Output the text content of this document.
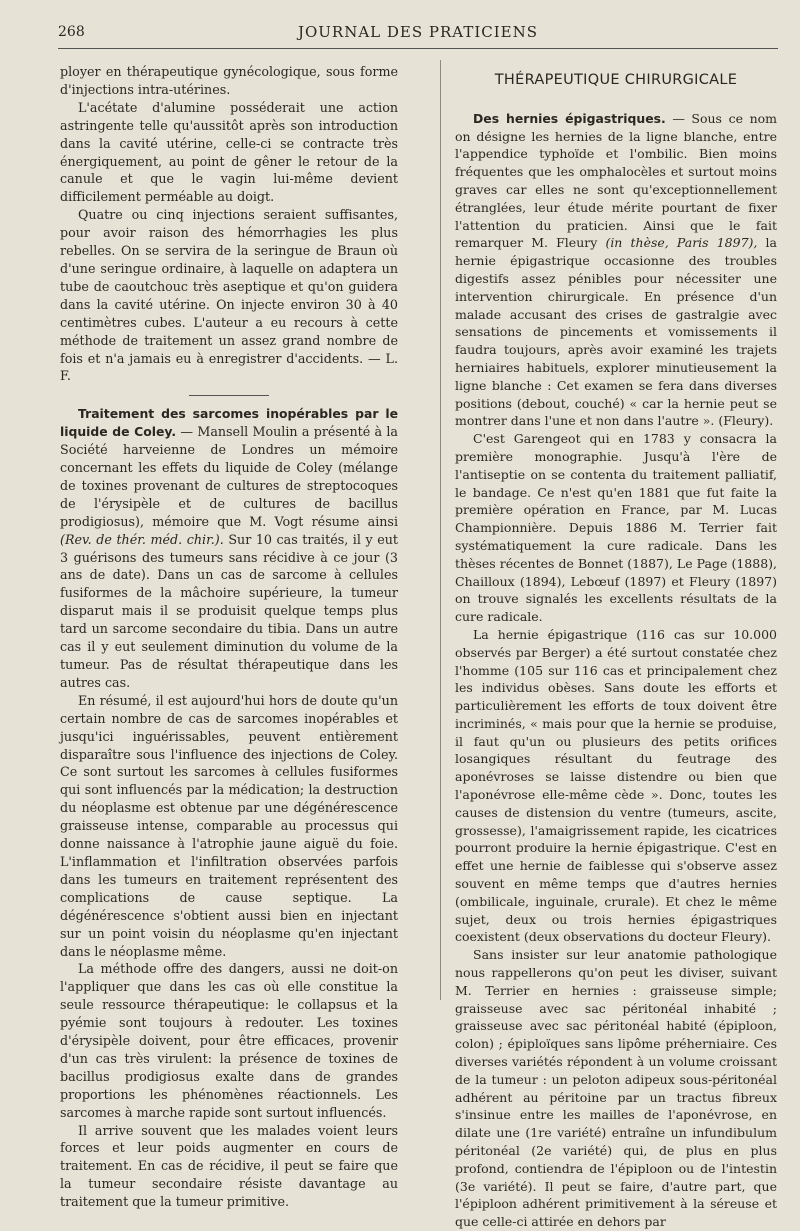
268	JOURNAL DES PRATICIENS

ployer en thérapeutique gynécologique, sous forme d'injections intra-utérines.

L'acétate d'alumine posséderait une action astringente telle qu'aussitôt après son introduction dans la cavité utérine, celle-ci se contracte très énergiquement, au point de gêner le retour de la canule et que le vagin lui-même devient difficilement perméable au doigt.

Quatre ou cinq injections seraient suffisantes, pour avoir raison des hémorrhagies les plus rebelles. On se servira de la seringue de Braun où d'une seringue ordinaire, à laquelle on adaptera un tube de caoutchouc très aseptique et qu'on guidera dans la cavité utérine. On injecte environ 30 à 40 centimètres cubes. L'auteur a eu recours à cette méthode de traitement un assez grand nombre de fois et n'a jamais eu à enregistrer d'accidents. — L. F.

Traitement des sarcomes inopérables par le liquide de Coley. — Mansell Moulin a présenté à la Société harveienne de Londres un mémoire concernant les effets du liquide de Coley (mélange de toxines provenant de cultures de streptocoques de l'érysipèle et de cultures de bacillus prodigiosus), mémoire que M. Vogt résume ainsi (Rev. de thér. méd. chir.). Sur 10 cas traités, il y eut 3 guérisons des tumeurs sans récidive à ce jour (3 ans de date). Dans un cas de sarcome à cellules fusiformes de la mâchoire supérieure, la tumeur disparut mais il se produisit quelque temps plus tard un sarcome secondaire du tibia. Dans un autre cas il y eut seulement diminution du volume de la tumeur. Pas de résultat thérapeutique dans les autres cas.

En résumé, il est aujourd'hui hors de doute qu'un certain nombre de cas de sarcomes inopérables et jusqu'ici inguérissables, peuvent entièrement disparaître sous l'influence des injections de Coley. Ce sont surtout les sarcomes à cellules fusiformes qui sont influencés par la médication; la destruction du néoplasme est obtenue par une dégénérescence graisseuse intense, comparable au processus qui donne naissance à l'atrophie jaune aiguë du foie. L'inflammation et l'infiltration observées parfois dans les tumeurs en traitement représentent des complications de cause septique. La dégénérescence s'obtient aussi bien en injectant sur un point voisin du néoplasme qu'en injectant dans le néoplasme même.

La méthode offre des dangers, aussi ne doit-on l'appliquer que dans les cas où elle constitue la seule ressource thérapeutique: le collapsus et la pyémie sont toujours à redouter. Les toxines d'érysipèle doivent, pour être efficaces, provenir d'un cas très virulent: la présence de toxines de bacillus prodigiosus exalte dans de grandes proportions les phénomènes réactionnels. Les sarcomes à marche rapide sont surtout influencés.

Il arrive souvent que les malades voient leurs forces et leur poids augmenter en cours de traitement. En cas de récidive, il peut se faire que la tumeur secondaire résiste davantage au traitement que la tumeur primitive.

THÉRAPEUTIQUE CHIRURGICALE

Des hernies épigastriques. — Sous ce nom on désigne les hernies de la ligne blanche, entre l'appendice typhoïde et l'ombilic. Bien moins fréquentes que les omphalocèles et surtout moins graves car elles ne sont qu'exceptionnellement étranglées, leur étude mérite pourtant de fixer l'attention du praticien. Ainsi que le fait remarquer M. Fleury (in thèse, Paris 1897), la hernie épigastrique occasionne des troubles digestifs assez pénibles pour nécessiter une intervention chirurgicale. En présence d'un malade accusant des crises de gastralgie avec sensations de pincements et vomissements il faudra toujours, après avoir examiné les trajets herniaires habituels, explorer minutieusement la ligne blanche : Cet examen se fera dans diverses positions (debout, couché) « car la hernie peut se montrer dans l'une et non dans l'autre ». (Fleury).

C'est Garengeot qui en 1783 y consacra la première monographie. Jusqu'à l'ère de l'antiseptie on se contenta du traitement palliatif, le bandage. Ce n'est qu'en 1881 que fut faite la première opération en France, par M. Lucas Championnière. Depuis 1886 M. Terrier fait systématiquement la cure radicale. Dans les thèses récentes de Bonnet (1887), Le Page (1888), Chailloux (1894), Lebœuf (1897) et Fleury (1897) on trouve signalés les excellents résultats de la cure radicale.

La hernie épigastrique (116 cas sur 10.000 observés par Berger) a été surtout constatée chez l'homme (105 sur 116 cas et principalement chez les individus obèses. Sans doute les efforts et particulièrement les efforts de toux doivent être incriminés, « mais pour que la hernie se produise, il faut qu'un ou plusieurs des petits orifices losangiques résultant du feutrage des aponévroses se laisse distendre ou bien que l'aponévrose elle-même cède ». Donc, toutes les causes de distension du ventre (tumeurs, ascite, grossesse), l'amaigrissement rapide, les cicatrices pourront produire la hernie épigastrique. C'est en effet une hernie de faiblesse qui s'observe assez souvent en même temps que d'autres hernies (ombilicale, inguinale, crurale). Et chez le même sujet, deux ou trois hernies épigastriques coexistent (deux observations du docteur Fleury).

Sans insister sur leur anatomie pathologique nous rappellerons qu'on peut les diviser, suivant M. Terrier en hernies : graisseuse simple; graisseuse avec sac péritonéal inhabité ; graisseuse avec sac péritonéal habité (épiploon, colon) ; épiploïques sans lipôme préherniaire. Ces diverses variétés répondent à un volume croissant de la tumeur : un peloton adipeux sous-péritonéal adhérent au péritoine par un tractus fibreux s'insinue entre les mailles de l'aponévrose, en dilate une (1re variété) entraîne un infundibulum péritonéal (2e variété) qui, de plus en plus profond, contiendra de l'épiploon ou de l'intestin (3e variété). Il peut se faire, d'autre part, que l'épiploon adhérent primitivement à la séreuse et que celle-ci attirée en dehors par
